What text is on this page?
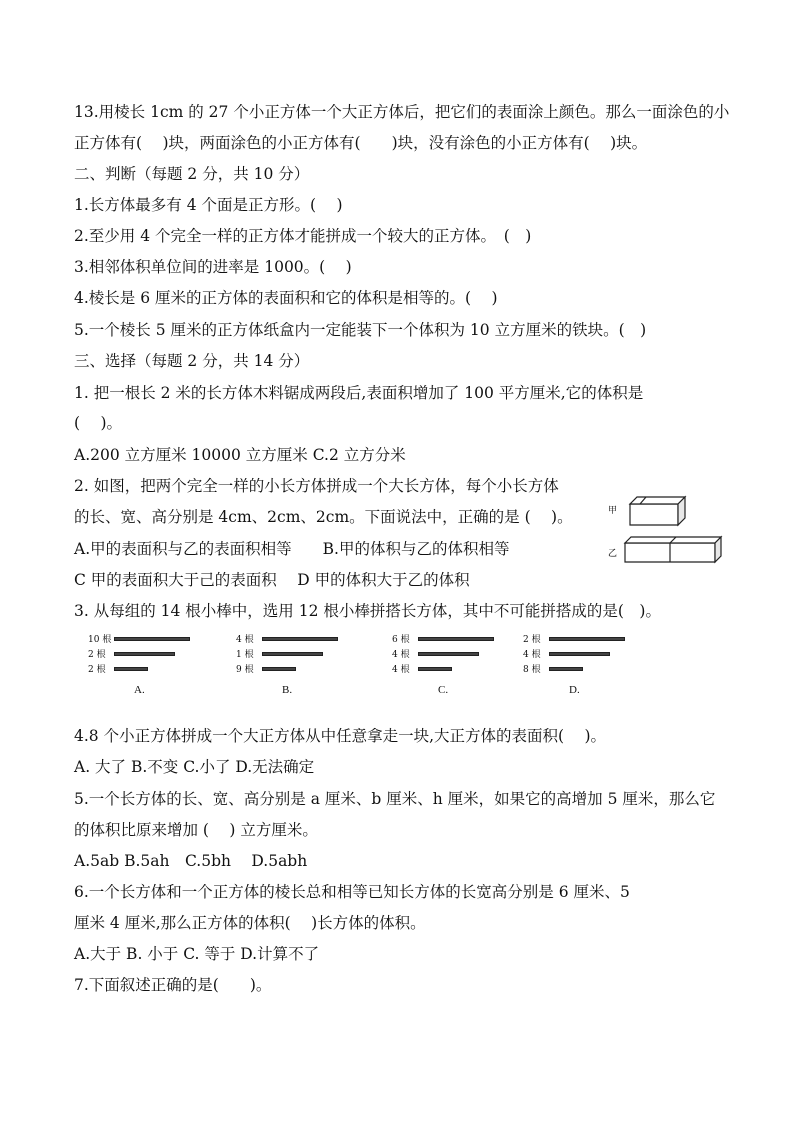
13.用棱长 1cm 的 27 个小正方体一个大正方体后，把它们的表面涂上颜色。那么一面涂色的小
正方体有(　 )块，两面涂色的小正方体有(　　)块，没有涂色的小正方体有(　 )块。
二、判断（每题 2 分，共 10 分）
1.长方体最多有 4 个面是正方形。(　 )
2.至少用 4 个完全一样的正方体才能拼成一个较大的正方体。　(　)
3.相邻体积单位间的进率是 1000。(　 )
4.棱长是 6 厘米的正方体的表面积和它的体积是相等的。(　 )
5.一个棱长 5 厘米的正方体纸盒内一定能装下一个体积为 10 立方厘米的铁块。(　)
三、选择（每题 2 分，共 14 分）
1. 把一根长 2 米的长方体木料锯成两段后,表面积增加了 100 平方厘米,它的体积是
(　 )。
A.200 立方厘米 10000 立方厘米 C.2 立方分米
2. 如图，把两个完全一样的小长方体拼成一个大长方体，每个小长方体
的长、宽、高分别是 4cm、2cm、2cm。下面说法中，正确的是 (　 )。
A.甲的表面积与乙的表面积相等　　B.甲的体积与乙的体积相等
C 甲的表面积大于己的表面积　 D 甲的体积大于乙的体积
3. 从每组的 14 根小棒中，选用 12 根小棒拼搭长方体，其中不可能拼搭成的是(　)。
甲
乙
10 根
2 根
2 根
A.
4 根
1 根
9 根
B.
6 根
4 根
4 根
C.
2 根
4 根
8 根
D.
4.8 个小正方体拼成一个大正方体从中任意拿走一块,大正方体的表面积(　 )。
A. 大了 B.不变 C.小了 D.无法确定
5.一个长方体的长、宽、高分别是 a 厘米、b 厘米、h 厘米，如果它的高增加 5 厘米，那么它
的体积比原来增加 (　 ) 立方厘米。
A.5ab B.5ah　C.5bh　 D.5abh
6.一个长方体和一个正方体的棱长总和相等已知长方体的长宽高分别是 6 厘米、5
厘米 4 厘米,那么正方体的体积(　 )长方体的体积。
A.大于 B. 小于 C. 等于 D.计算不了
7.下面叙述正确的是(　　)。
